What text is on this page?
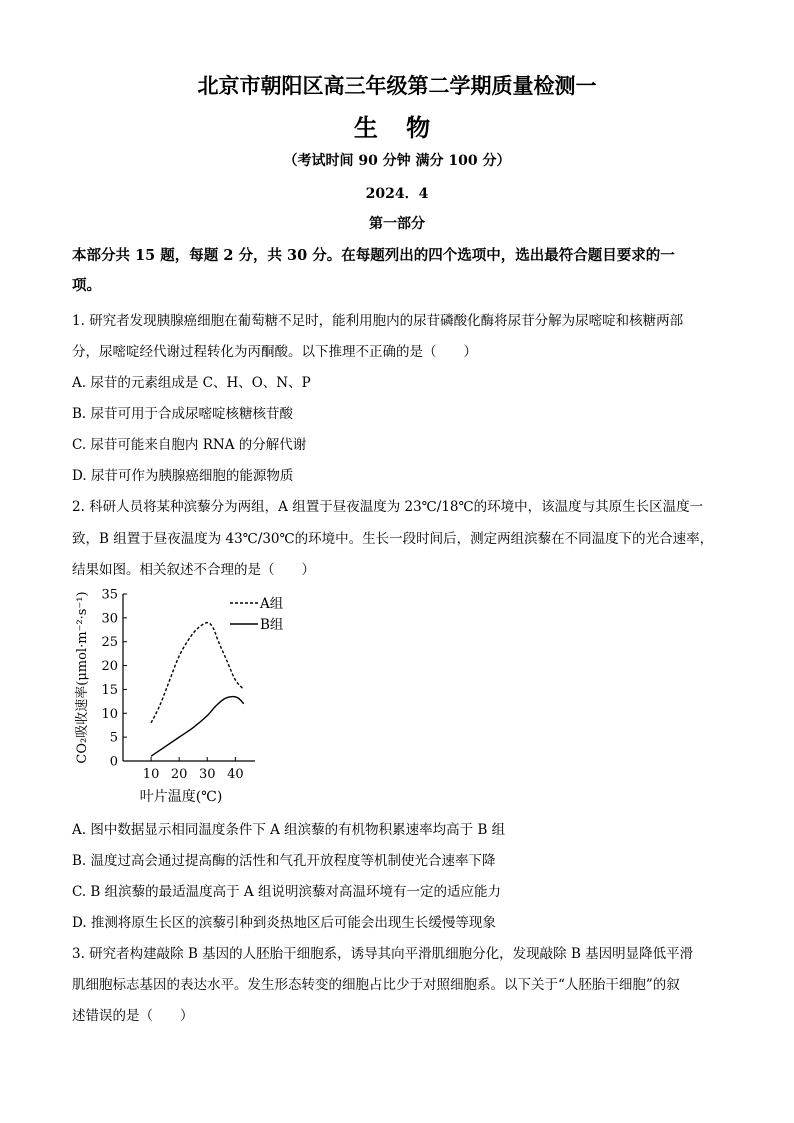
北京市朝阳区高三年级第二学期质量检测一
生 物
（考试时间 90 分钟 满分 100 分）
2024．4
第一部分
本部分共 15 题，每题 2 分，共 30 分。在每题列出的四个选项中，选出最符合题目要求的一
项。
1. 研究者发现胰腺癌细胞在葡萄糖不足时，能利用胞内的尿苷磷酸化酶将尿苷分解为尿嘧啶和核糖两部
分，尿嘧啶经代谢过程转化为丙酮酸。以下推理不正确的是（　　）
A. 尿苷的元素组成是 C、H、O、N、P
B. 尿苷可用于合成尿嘧啶核糖核苷酸
C. 尿苷可能来自胞内 RNA 的分解代谢
D. 尿苷可作为胰腺癌细胞的能源物质
2. 科研人员将某种滨藜分为两组，A 组置于昼夜温度为 23℃/18℃的环境中，该温度与其原生长区温度一
致，B 组置于昼夜温度为 43℃/30℃的环境中。生长一段时间后，测定两组滨藜在不同温度下的光合速率，
结果如图。相关叙述不合理的是（　　）
0
5
10
15
20
25
30
35
10 20 30 40
A组
B组
叶片温度(℃)
CO₂吸收速率(μmol·m⁻²·s⁻¹)
A. 图中数据显示相同温度条件下 A 组滨藜的有机物积累速率均高于 B 组
B. 温度过高会通过提高酶的活性和气孔开放程度等机制使光合速率下降
C. B 组滨藜的最适温度高于 A 组说明滨藜对高温环境有一定的适应能力
D. 推测将原生长区的滨藜引种到炎热地区后可能会出现生长缓慢等现象
3. 研究者构建敲除 B 基因的人胚胎干细胞系，诱导其向平滑肌细胞分化，发现敲除 B 基因明显降低平滑
肌细胞标志基因的表达水平。发生形态转变的细胞占比少于对照细胞系。以下关于“人胚胎干细胞”的叙
述错误的是（　　）
